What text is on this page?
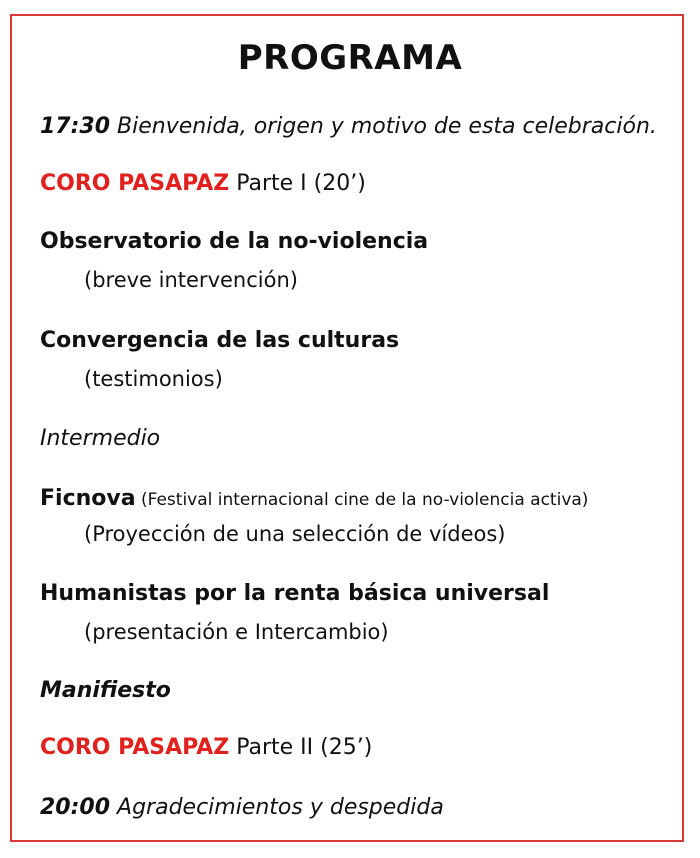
PROGRAMA
17:30 Bienvenida, origen y motivo de esta celebración.
CORO PASAPAZ Parte I (20’)
Observatorio de la no-violencia
(breve intervención)
Convergencia de las culturas
(testimonios)
Intermedio
Ficnova (Festival internacional cine de la no-violencia activa)
(Proyección de una selección de vídeos)
Humanistas por la renta básica universal
(presentación e Intercambio)
Manifiesto
CORO PASAPAZ Parte II (25’)
20:00 Agradecimientos y despedida
